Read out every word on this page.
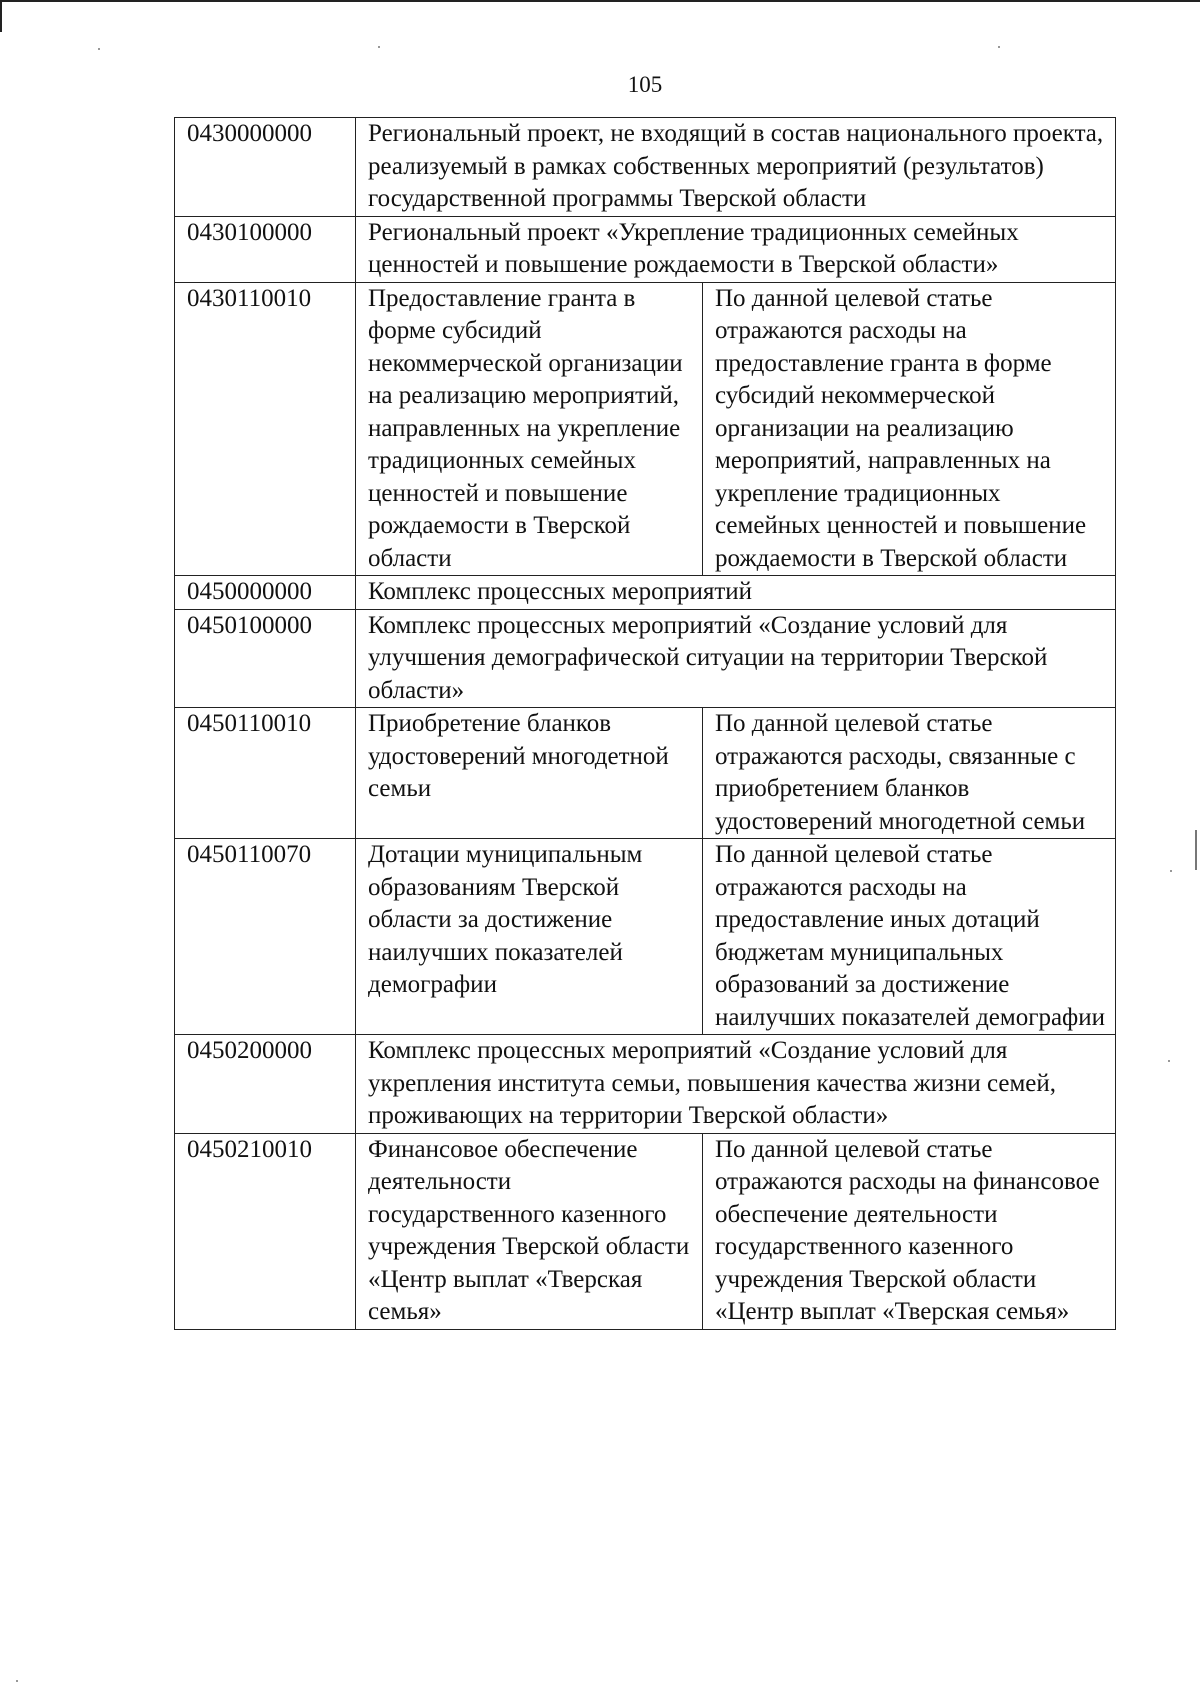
105
0430000000	Региональный проект, не входящий в состав национального проекта, реализуемый в рамках собственных мероприятий (результатов) государственной программы Тверской области	
0430100000	Региональный проект «Укрепление традиционных семейных ценностей и повышение рождаемости в Тверской области»	
0430110010	Предоставление гранта в форме субсидий некоммерческой организации на реализацию мероприятий, направленных на укрепление традиционных семейных ценностей и повышение рождаемости в Тверской области	По данной целевой статье отражаются расходы на предоставление гранта в форме субсидий некоммерческой организации на реализацию мероприятий, направленных на укрепление традиционных семейных ценностей и повышение рождаемости в Тверской области
0450000000	Комплекс процессных мероприятий	
0450100000	Комплекс процессных мероприятий «Создание условий для улучшения демографической ситуации на территории Тверской области»	
0450110010	Приобретение бланков удостоверений многодетной семьи	По данной целевой статье отражаются расходы, связанные с приобретением бланков удостоверений многодетной семьи
0450110070	Дотации муниципальным образованиям Тверской области за достижение наилучших показателей демографии	По данной целевой статье отражаются расходы на предоставление иных дотаций бюджетам муниципальных образований за достижение наилучших показателей демографии
0450200000	Комплекс процессных мероприятий «Создание условий для укрепления института семьи, повышения качества жизни семей, проживающих на территории Тверской области»	
0450210010	Финансовое обеспечение деятельности государственного казенного учреждения Тверской области «Центр выплат «Тверская семья»	По данной целевой статье отражаются расходы на финансовое обеспечение деятельности государственного казенного учреждения Тверской области «Центр выплат «Тверская семья»
